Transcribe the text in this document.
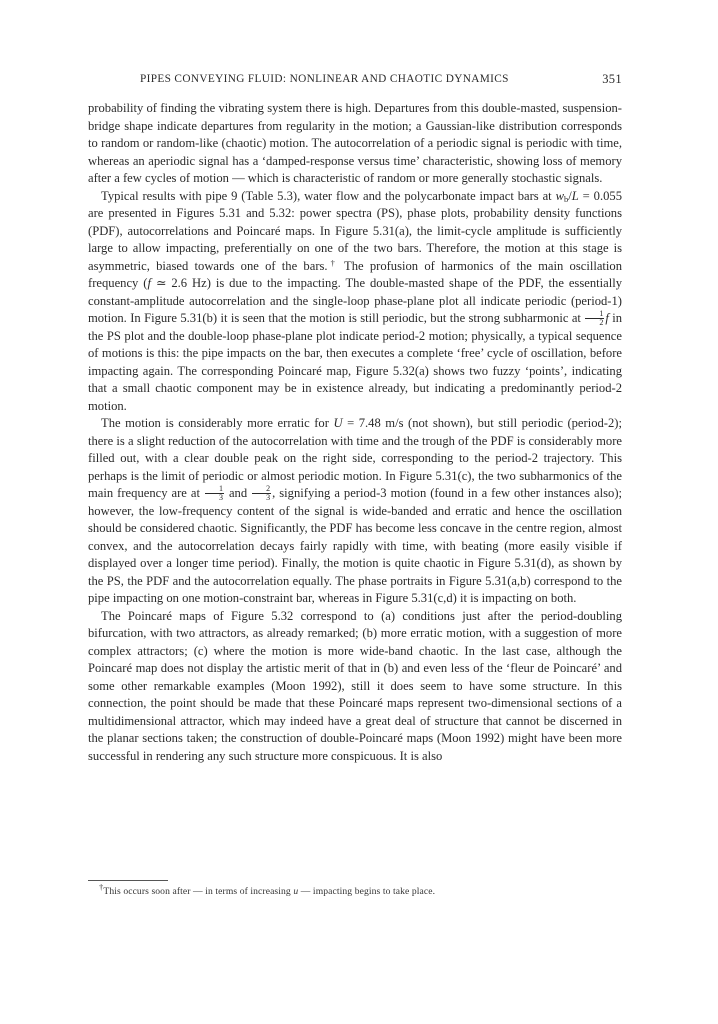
PIPES CONVEYING FLUID: NONLINEAR AND CHAOTIC DYNAMICS	351

probability of finding the vibrating system there is high. Departures from this double-masted, suspension-bridge shape indicate departures from regularity in the motion; a Gaussian-like distribution corresponds to random or random-like (chaotic) motion. The autocorrelation of a periodic signal is periodic with time, whereas an aperiodic signal has a ‘damped-response versus time’ characteristic, showing loss of memory after a few cycles of motion — which is characteristic of random or more generally stochastic signals.

Typical results with pipe 9 (Table 5.3), water flow and the polycarbonate impact bars at $w_b/L = 0.055$ are presented in Figures 5.31 and 5.32: power spectra (PS), phase plots, probability density functions (PDF), autocorrelations and Poincaré maps. In Figure 5.31(a), the limit-cycle amplitude is sufficiently large to allow impacting, preferentially on one of the two bars. Therefore, the motion at this stage is asymmetric, biased towards one of the bars.† The profusion of harmonics of the main oscillation frequency (f ≃ 2.6 Hz) is due to the impacting. The double-masted shape of the PDF, the essentially constant-amplitude autocorrelation and the single-loop phase-plane plot all indicate periodic (period-1) motion. In Figure 5.31(b) it is seen that the motion is still periodic, but the strong subharmonic at $\frac{1}{2}$ f in the PS plot and the double-loop phase-plane plot indicate period-2 motion; physically, a typical sequence of motions is this: the pipe impacts on the bar, then executes a complete ‘free’ cycle of oscillation, before impacting again. The corresponding Poincaré map, Figure 5.32(a) shows two fuzzy ‘points’, indicating that a small chaotic component may be in existence already, but indicating a predominantly period-2 motion.

The motion is considerably more erratic for U = 7.48 m/s (not shown), but still periodic (period-2); there is a slight reduction of the autocorrelation with time and the trough of the PDF is considerably more filled out, with a clear double peak on the right side, corresponding to the period-2 trajectory. This perhaps is the limit of periodic or almost periodic motion. In Figure 5.31(c), the two subharmonics of the main frequency are at $\frac{1}{3}$ and $\frac{2}{3}$ , signifying a period-3 motion (found in a few other instances also); however, the low-frequency content of the signal is wide-banded and erratic and hence the oscillation should be considered chaotic. Significantly, the PDF has become less concave in the centre region, almost convex, and the autocorrelation decays fairly rapidly with time, with beating (more easily visible if displayed over a longer time period). Finally, the motion is quite chaotic in Figure 5.31(d), as shown by the PS, the PDF and the autocorrelation equally. The phase portraits in Figure 5.31(a,b) correspond to the pipe impacting on one motion-constraint bar, whereas in Figure 5.31(c,d) it is impacting on both.

The Poincaré maps of Figure 5.32 correspond to (a) conditions just after the period-doubling bifurcation, with two attractors, as already remarked; (b) more erratic motion, with a suggestion of more complex attractors; (c) where the motion is more wide-band chaotic. In the last case, although the Poincaré map does not display the artistic merit of that in (b) and even less of the ‘fleur de Poincaré’ and some other remarkable examples (Moon 1992), still it does seem to have some structure. In this connection, the point should be made that these Poincaré maps represent two-dimensional sections of a multidimensional attractor, which may indeed have a great deal of structure that cannot be discerned in the planar sections taken; the construction of double-Poincaré maps (Moon 1992) might have been more successful in rendering any such structure more conspicuous. It is also

†This occurs soon after — in terms of increasing u — impacting begins to take place.
